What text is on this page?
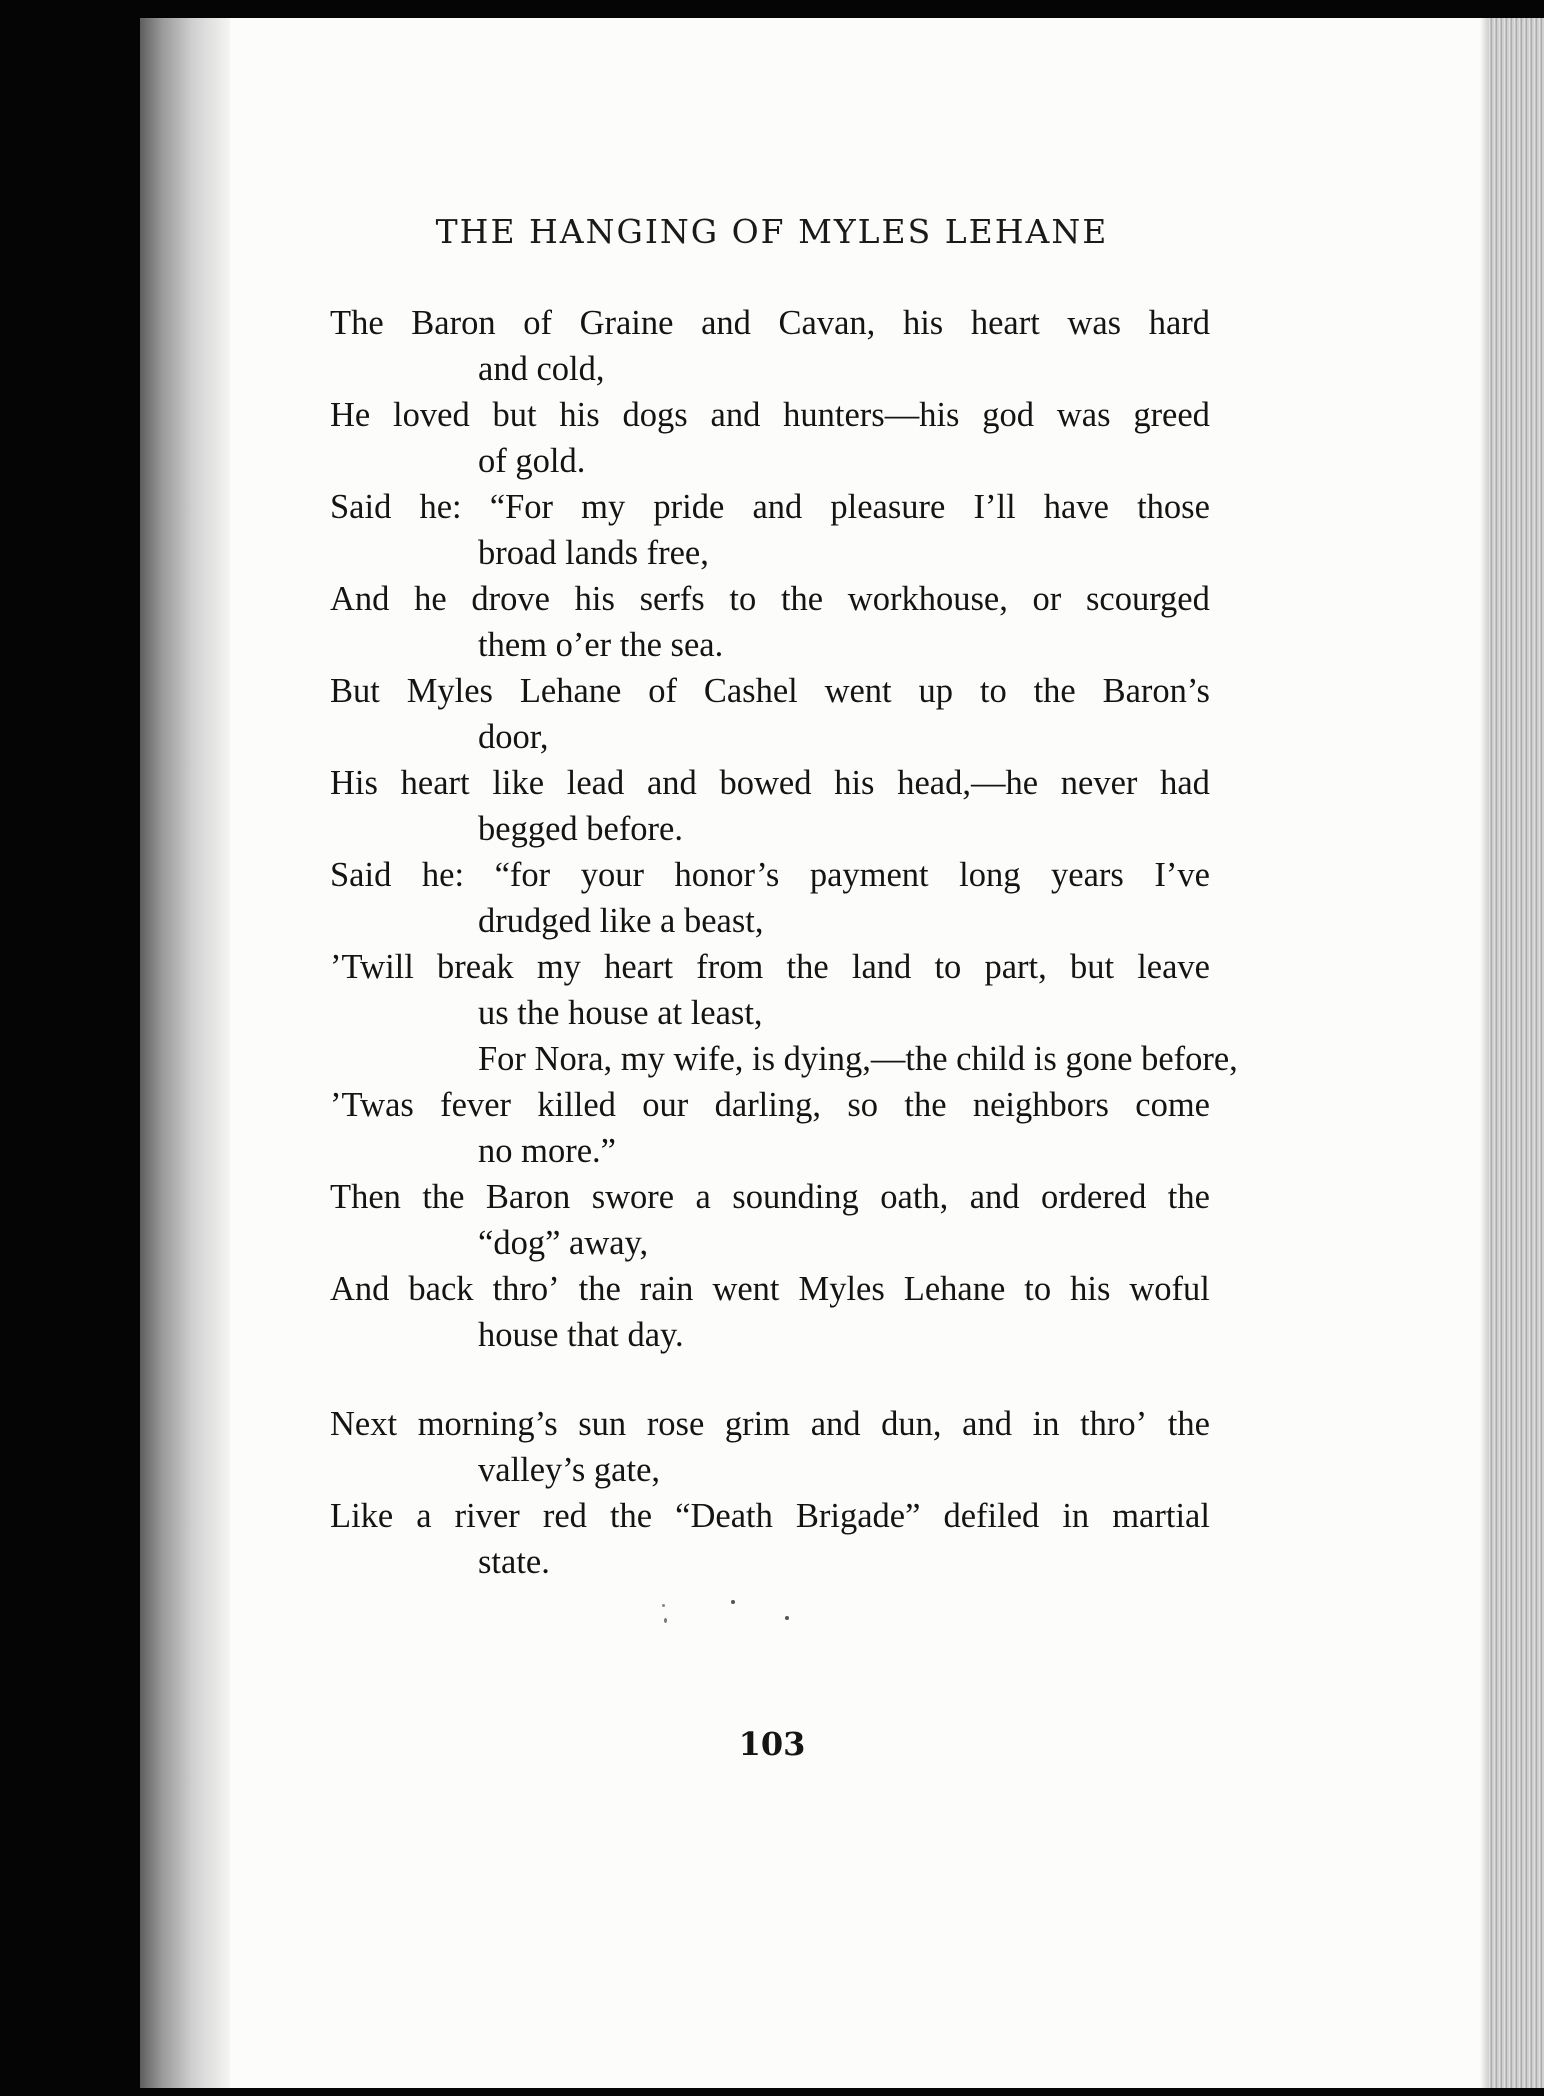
THE HANGING OF MYLES LEHANE
The Baron of Graine and Cavan, his heart was hard
and cold,
He loved but his dogs and hunters—his god was greed
of gold.
Said he: “For my pride and pleasure I’ll have those
broad lands free,
And he drove his serfs to the workhouse, or scourged
them o’er the sea.
But Myles Lehane of Cashel went up to the Baron’s
door,
His heart like lead and bowed his head,—he never had
begged before.
Said he: “for your honor’s payment long years I’ve
drudged like a beast,
’Twill break my heart from the land to part, but leave
us the house at least,
For Nora, my wife, is dying,—the child is gone before,
’Twas fever killed our darling, so the neighbors come
no more.”
Then the Baron swore a sounding oath, and ordered the
“dog” away,
And back thro’ the rain went Myles Lehane to his woful
house that day.
Next morning’s sun rose grim and dun, and in thro’ the
valley’s gate,
Like a river red the “Death Brigade” defiled in martial
state.
103
